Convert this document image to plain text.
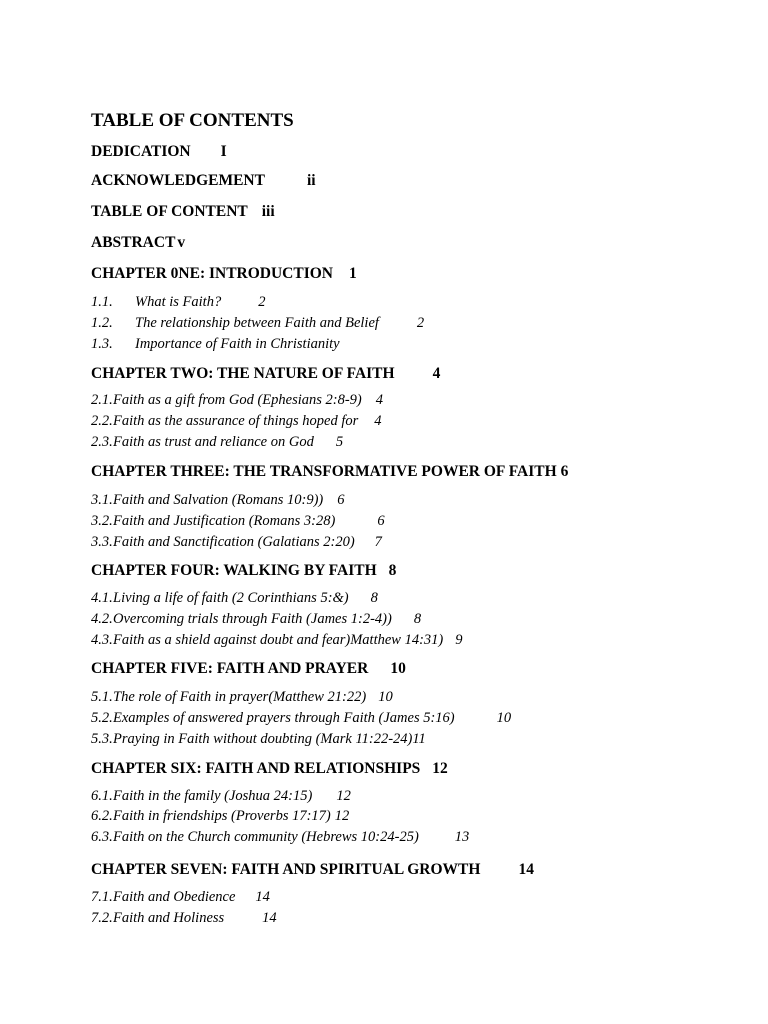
TABLE OF CONTENTS
DEDICATION I
ACKNOWLEDGEMENT	ii
TABLE OF CONTENT iii
ABSTRACT v
CHAPTER 0NE: INTRODUCTION 1
1.1. What is Faith?	2
1.2. The relationship between Faith and Belief	2
1.3. Importance of Faith in Christianity
CHAPTER TWO: THE NATURE OF FAITH 4
2.1.Faith as a gift from God (Ephesians 2:8-9) 4
2.2.Faith as the assurance of things hoped for 4
2.3.Faith as trust and reliance on God 5
CHAPTER THREE: THE TRANSFORMATIVE POWER OF FAITH 6
3.1.Faith and Salvation (Romans 10:9)) 6
3.2.Faith and Justification (Romans 3:28)	6
3.3.Faith and Sanctification (Galatians 2:20) 7
CHAPTER FOUR: WALKING BY FAITH 8
4.1.Living a life of faith (2 Corinthians 5:&) 8
4.2.Overcoming trials through Faith (James 1:2-4)) 8
4.3.Faith as a shield against doubt and fear)Matthew 14:31) 9
CHAPTER FIVE: FAITH AND PRAYER 10
5.1.The role of Faith in prayer(Matthew 21:22) 10
5.2.Examples of answered prayers through Faith (James 5:16)	10
5.3.Praying in Faith without doubting (Mark 11:22-24)11
CHAPTER SIX: FAITH AND RELATIONSHIPS 12
6.1.Faith in the family (Joshua 24:15) 12
6.2.Faith in friendships (Proverbs 17:17) 12
6.3.Faith on the Church community (Hebrews 10:24-25) 13
CHAPTER SEVEN: FAITH AND SPIRITUAL GROWTH 14
7.1.Faith and Obedience 14
7.2.Faith and Holiness	14
